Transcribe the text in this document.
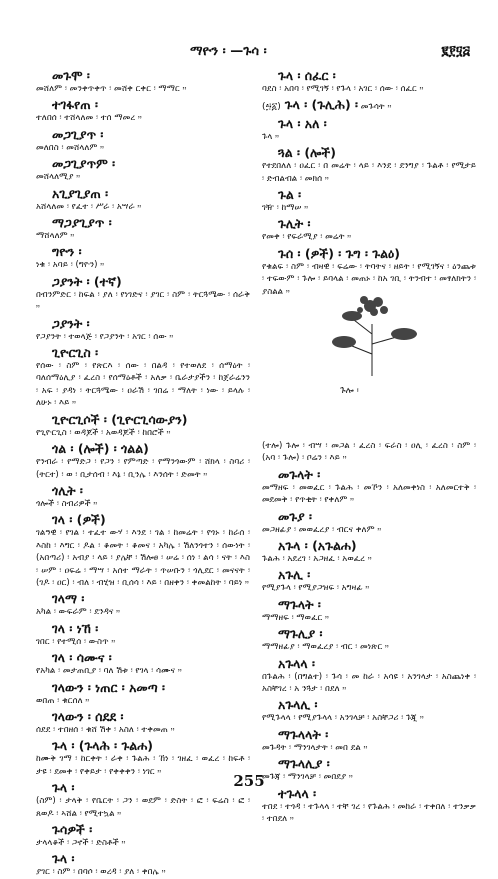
ማዮን ፡ —ጉሳ ፡	፪፻፶፭
መጉሞ ፡
መሸለም ፡ መንቀጥቀጥ ፡ መሸቀ ርቀር ፡ ማማር ።
ተገፋየጠ ፡
ተለበሰ ፡ ተሸላለመ ፡ ተሰ ማመረ ።
መጋጊያጥ ፡
መለበስ ፡ መሸላለም ።
መጋጊያጥም ፡
መሸላለሚያ ።
አጊያጊያጠ ፡
አሸላለመ ፡ የፈተ ፡ ሥራ ፡ አሣራ ።
ማጋያጊያጥ ፡
ማሸላለም ።
ግዮን ፡
ነቁ ፡ አባይ ፡ (ግዮን) ።
ጋያንት ፡ (ተኛ)
በብንምድር ፡ ከፍል ፡ ያለ ፡ የነገድና ፡ ያገር ፡ ስም ፡ ትርጓሜው ፡ ሰራቅ ።
ጋያንት ፡
የጋያንት ፡ ተወላጅ ፡ የጋያንት ፡ አገር ፡ ሰው ።
ጊዮርጊስ ፡
የሰው ፡ ስም ፡ የጽርእ ፡ ሰው ፡ በልዳ ፡ የተወለደ ፡ ሰማዕት ፡ ባለሰማዕሊያ ፡ ፈረስ ፡ የሰማዕቶች ፡ አለቃ ፡ ቤራታያችን ፡ ከጀራሬንን ፡ አፍ ፡ ያዳነ ፡ ትርጓሜው ፡ ዐራሽ ፡ ገበሬ ፡ ማለት ፡ ነው ፡ ይላሉ ፡ ለሁኑ ፡ እይ ።
ጊዮርጊሶች ፡ (ጊዮርጊሳውያን)
የጊዮርጊስ ፡ ወዳጆች ፡ አወዳጆች ፡ ከበሮች ።
ጎል ፡ (ሎች) ፡ ጎልል)
የንብራ ፡ የማድጋ ፡ የጋን ፡ የምጣድ ፡ የማንጎውም ፡ ሸክላ ፡ ስባሪ ፡ (ትርተ) ፡ ወ ፡ ቢታሰብ ፡ እኔ ፡ ቢንሌ ፡ እንሰት ፡ ድመት ።
ጎሊት ፡
ጎሎች ፡ ስብሪዎች ።
ገላ ፡ (ዎች)
ገልዓዊ ፡ የገል ፡ ተፈተ ውሃ ፡ እንደ ፡ ገል ፡ ከመሬት ፡ የጎኑ ፡ ከራሰ ፡ እስከ ፡ እግር ፡ ዶል ፡ ቆመት ፡ ቆመና ፡ አካሌ ፡ ሽለንጎተን ፡ ሰውነት ፡ (አበጣሪ) ፡ አብያ ፡ ላይ ፡ ያሌቸ ፡ ሽሎፀ ፡ ሠሬ ፡ ሰነ ፡ ልሳ ፡ ናት ፡ እስ ፡ ሠም ፡ ዐፍሬ ፡ ማሣ ፡ አሰተ ማራት ፡ ጥሠቡን ፡ ጎሊደር ፡ መናናት ፡ (ገዶ ፡ ዐር) ፡ ብለ ፡ ብሂዝ ፡ ቢሰሳ ፡ እይ ፡ በዘቀን ፡ ቀመልከት ፡ ባይነ ።
ገላማ ፡
አካል ፡ ውፍራም ፡ ደንዳና ።
ገላ ፡ ነኸ ፡
ገበር ፡ የተሚሰ ፡ ውስጥ ።
ገላ ፡ ሳሙና ፡
የአካል ፡ መታጠቢያ ፡ ባለ ሽቱ ፡ የገላ ፡ ሳሙና ።
ገላውን ፡ ነጠር ፡ አመጣ ፡
ወበጠ ፡ ቁርሰለ ።
ገላውን ፡ ሰደደ ፡
ሰደደ ፡ ተበዘሰ ፡ ቁሸ ሽቀ ፡ አስለ ፡ ተቀመጠ ።
ጉላ ፡ (ጉላሕ ፡ ጉልሐ)
ከሙቅ ገማ ፡ ከርቀት ፡ ራቀ ፡ ጉልሕ ፡ ኸነ ፡ ገዘፈ ፡ ወፈረ ፡ ከፍቶ ፡ ታዩ ፡ ደመቀ ፡ የቀይታ ፡ የቀቀቀን ፡ ነገር ።
ጉላ ፡
(ስም) ፡ ታላቅ ፡ የቤርት ፡ ጋን ፡ ወደም ፡ ድስት ፡ ፎ ፡ ፍሬስ ፡ ፎ ፡ ጸወዶ ፡ ኣሸል ፡ የሚተኳል ።
ጉሳዎች ፡
ታላላቆች ፡ ጋኖች ፡ ድስቶች ።
ጉላ ፡
ያገር ፡ ስም ፡ በባሶ ፡ ወረዳ ፡ ያለ ፡ ቀበሌ ።
ጉላ ፡ ሰፈር ፡
ባደስ ፡ አበባ ፡ የሚገኝ ፡ የጉላ ፡ አገር ፡ ሰው ፡ ሰፈር ።
(፵፩) ጉላ ፡ (ጉሊሕ) ፡ መጉሳት ።
ጉላ ፡ አለ ፡
ጉላ ።
ጓል ፡ (ሎች)
የተደበለለ ፡ ዐፈር ፡ በ መሬት ፡ ላይ ፡ እንደ ፡ ደንግያ ፡ ጉልቶ ፡ የሚታይ ፡ ድብልብል ፡ መክሰ ።
ጉል ፡
ገዥ ፡ ከማሠ ።
ጉሊት ፡
የመቀ ፡ የፍራሚያ ፡ መሬት ።
ጉሰ ፡ (ዎች) ፡ ጉግ ፡ ጉልዕ)
የቁልፍ ፡ ስም ፡ ብዛዊ ፡ ፍሬው ፡ ትባትና ፡ ዘይት ፡ የሚገኝና ፡ ዕንጨቱ ፡ ተፍውም ፡ ጉሎ ፡ ይባላል ፡ መጠኑ ፡ ከአ ገቢ ፡ ትንብተ ፡ መፃለክትን ፡ ያስልል ።
ጉሎ ፡
(ተሎ) ጉሎ ፡ ብሣ ፡ መጋል ፡ ፈረስ ፡ ፍራስ ፡ ዐሊ ፡ ፈረስ ፡ ስም ፡ (አባ ፡ ጉሎ) ፡ ቦሬን ፡ እይ ።
መጉላት ፡
መማዘፍ ፡ መወፈር ፡ ጉልሕ ፡ መኾን ፡ አለመቀነስ ፡ አለመርተቅ ፡ መደመቅ ፡ የጥቂት ፡ የቀለም ።
መጉያ ፡
መጋዘፊያ ፡ መወፈረያ ፡ ብርና ቀለም ።
አጉላ ፡ (አጉልሐ)
ጉልሕ ፡ አደረገ ፡ አጋዘፈ ፡ አወፈረ ።
አጉሊ ፡
የሚያጉላ ፡ የሚያጋዝፍ ፡ አግዛፊ ።
ማጉላት ፡
ማማዘፍ ፡ ማወፈር ።
ማጉሊያ ፡
ማማዘፊያ ፡ ማወፈረያ ፡ ብር ፡ መነጽር ።
አጉላላ ፡
በጉልሕ ፡ (በግልተ) ፡ ጉሳ ፡ መ ከራ ፡ አሳዩ ፡ አንገላታ ፡ አስጨነቀ ፡ አስቸገረ ፡ አ ንጓታ ፡ በደለ ።
አጉላሊ ፡
የሚጉላላ ፡ የሚያጉላላ ፡ አንገላቻ ፡ አስቸጋሪ ፡ ጉጂ ።
ማጉላላት ፡
መጉዳት ፡ ማንገላታት ፡ መበ ደል ።
ማጉላሊያ ፡
መጉጃ ፡ ማንገላቻ ፡ መበደያ ።
ተጉላላ ፡
ተበደ ፡ ተጎዳ ፡ ተጉላላ ፡ ተቸ ገረ ፡ የጉልሕ ፡ መከራ ፡ ተቀበለ ፡ ተንቃቃ ፡ ተበደለ ።
255
